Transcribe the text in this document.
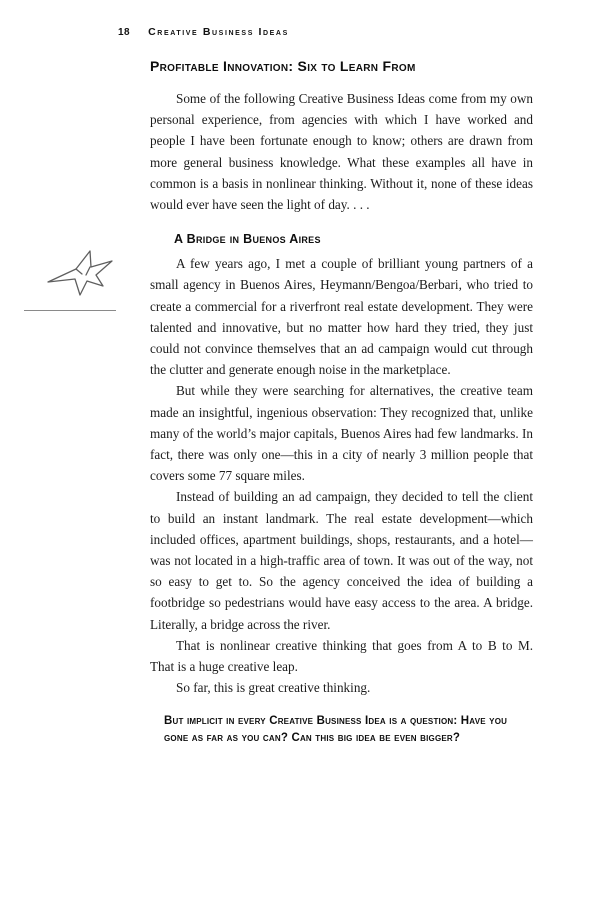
18 Creative Business Ideas
Profitable Innovation: Six to Learn From

Some of the following Creative Business Ideas come from my own personal experience, from agencies with which I have worked and people I have been fortunate enough to know; others are drawn from more general business knowledge. What these examples all have in common is a basis in nonlinear thinking. Without it, none of these ideas would ever have seen the light of day. . . .

A Bridge in Buenos Aires

A few years ago, I met a couple of brilliant young partners of a small agency in Buenos Aires, Heymann/Bengoa/Berbari, who tried to create a commercial for a riverfront real estate development. They were talented and innovative, but no matter how hard they tried, they just could not convince themselves that an ad campaign would cut through the clutter and generate enough noise in the marketplace.

But while they were searching for alternatives, the creative team made an insightful, ingenious observation: They recognized that, unlike many of the world’s major capitals, Buenos Aires had few landmarks. In fact, there was only one—this in a city of nearly 3 million people that covers some 77 square miles.

Instead of building an ad campaign, they decided to tell the client to build an instant landmark. The real estate development—which included offices, apartment buildings, shops, restaurants, and a hotel—was not located in a high-traffic area of town. It was out of the way, not so easy to get to. So the agency conceived the idea of building a footbridge so pedestrians would have easy access to the area. A bridge. Literally, a bridge across the river.

That is nonlinear creative thinking that goes from A to B to M. That is a huge creative leap.

So far, this is great creative thinking.

But implicit in every Creative Business Idea is a question: Have you gone as far as you can? Can this big idea be even bigger?
